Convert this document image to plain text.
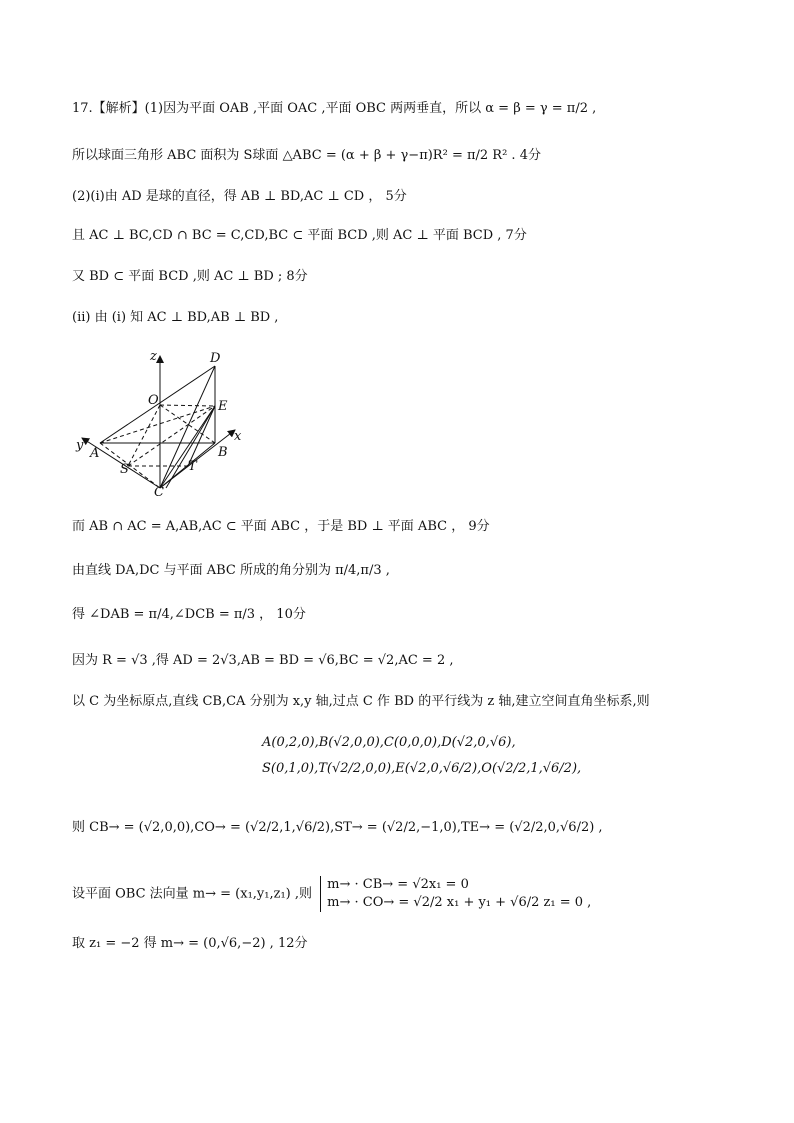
17.【解析】(1)因为平面 OAB ,平面 OAC ,平面 OBC 两两垂直，所以 α = β = γ = π/2 ,
所以球面三角形 ABC 面积为 S球面 △ABC = (α + β + γ−π)R² = π/2 R² . 4分
(2)(i)由 AD 是球的直径，得 AB ⊥ BD,AC ⊥ CD ， 5分
且 AC ⊥ BC,CD ∩ BC = C,CD,BC ⊂ 平面 BCD ,则 AC ⊥ 平面 BCD , 7分
又 BD ⊂ 平面 BCD ,则 AC ⊥ BD ; 8分
(ii) 由 (i) 知 AC ⊥ BD,AB ⊥ BD ,
z	D
O	E
x
y
A
S	T
B
C
而 AB ∩ AC = A,AB,AC ⊂ 平面 ABC ，于是 BD ⊥ 平面 ABC ， 9分
由直线 DA,DC 与平面 ABC 所成的角分别为 π/4,π/3 ,
得 ∠DAB = π/4,∠DCB = π/3 ， 10分
因为 R = √3 ,得 AD = 2√3,AB = BD = √6,BC = √2,AC = 2 ,
以 C 为坐标原点,直线 CB,CA 分别为 x,y 轴,过点 C 作 BD 的平行线为 z 轴,建立空间直角坐标系,则
A(0,2,0),B(√2,0,0),C(0,0,0),D(√2,0,√6),
S(0,1,0),T(√2/2,0,0),E(√2,0,√6/2),O(√2/2,1,√6/2),
则 CB→ = (√2,0,0),CO→ = (√2/2,1,√6/2),ST→ = (√2/2,−1,0),TE→ = (√2/2,0,√6/2) ,
设平面 OBC 法向量 m→ = (x₁,y₁,z₁) ,则
m→ · CB→ = √2x₁ = 0
m→ · CO→ = √2/2 x₁ + y₁ + √6/2 z₁ = 0 ,
取 z₁ = −2 得 m→ = (0,√6,−2) , 12分
